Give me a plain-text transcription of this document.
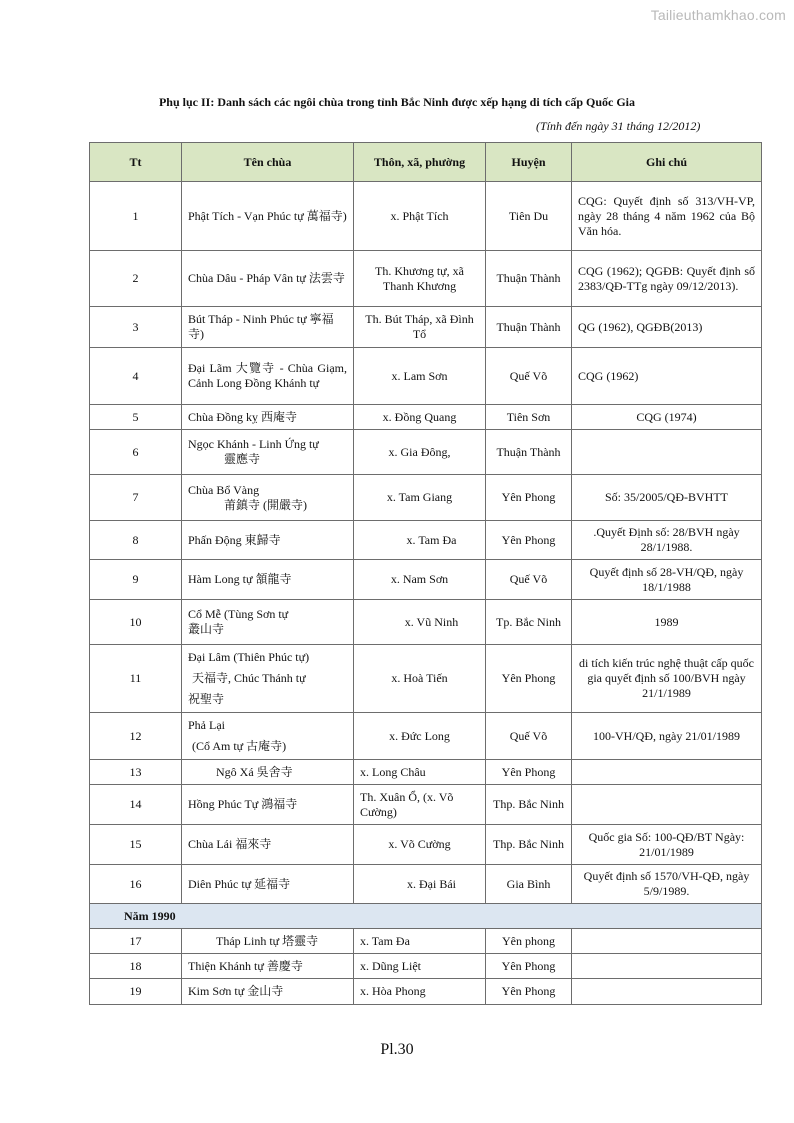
Tailieuthamkhao.com
Phụ lục II: Danh sách các ngôi chùa trong tỉnh Bắc Ninh được xếp hạng di tích cấp Quốc Gia
(Tính đến ngày 31 tháng 12/2012)
Tt	Tên chùa	Thôn, xã, phường	Huyện	Ghi chú
1	Phật Tích - Vạn Phúc tự 萬福寺)	x. Phật Tích	Tiên Du	CQG: Quyết định số 313/VH-VP, ngày 28 tháng 4 năm 1962 của Bộ Văn hóa.
2	Chùa Dâu - Pháp Vân tự 法雲寺	Th. Khương tự, xã Thanh Khương	Thuận Thành	CQG (1962); QGĐB: Quyết định số 2383/QĐ-TTg ngày 09/12/2013).
3	Bút Tháp - Ninh Phúc tự 寧福寺)	Th. Bút Tháp, xã Đình Tổ	Thuận Thành	QG (1962), QGĐB(2013)
4	Đại Lãm 大覽寺 - Chùa Giạm, Cảnh Long Đồng Khánh tự	x. Lam Sơn	Quế Võ	CQG (1962)
5	Chùa Đồng kỵ 西庵寺	x. Đồng Quang	Tiên Sơn	CQG (1974)
6	Ngọc Khánh - Linh Ứng tự
靈應寺	x. Gia Đông,	Thuận Thành	
7	Chùa Bổ Vàng
莆鎮寺 (開嚴寺)	x. Tam Giang	Yên Phong	Số: 35/2005/QĐ-BVHTT
8	Phấn Động 東歸寺	x. Tam Đa	Yên Phong	.Quyết Định số: 28/BVH ngày 28/1/1988.
9	Hàm Long tự 頷龍寺	x. Nam Sơn	Quế Võ	Quyết định số 28-VH/QĐ, ngày 18/1/1988
10	Cổ Mễ (Tùng Sơn tự
叢山寺	x. Vũ Ninh	Tp. Bắc Ninh	1989
11	Đại Lâm (Thiên Phúc tự)
天福寺, Chúc Thánh tự
祝聖寺	x. Hoà Tiến	Yên Phong	di tích kiến trúc nghệ thuật cấp quốc gia quyết định số 100/BVH ngày 21/1/1989
12	Phả Lại
(Cổ Am tự 古庵寺)	x. Đức Long	Quế Võ	100-VH/QĐ, ngày 21/01/1989
13	Ngô Xá 吳舍寺	x. Long Châu	Yên Phong	
14	Hồng Phúc Tự 鴻福寺	Th. Xuân Ổ, (x. Võ Cường)	Thp. Bắc Ninh	
15	Chùa Lái 福來寺	x. Võ Cường	Thp. Bắc Ninh	Quốc gia Số: 100-QĐ/BT Ngày: 21/01/1989
16	Diên Phúc tự 延福寺	x. Đại Bái	Gia Bình	Quyết định số 1570/VH-QĐ, ngày 5/9/1989.
Năm 1990				
17	Tháp Linh tự 塔靈寺	x. Tam Đa	Yên phong	
18	Thiện Khánh tự 善慶寺	x. Dũng Liệt	Yên Phong	
19	Kim Sơn tự 金山寺	x. Hòa Phong	Yên Phong	
Pl.30
